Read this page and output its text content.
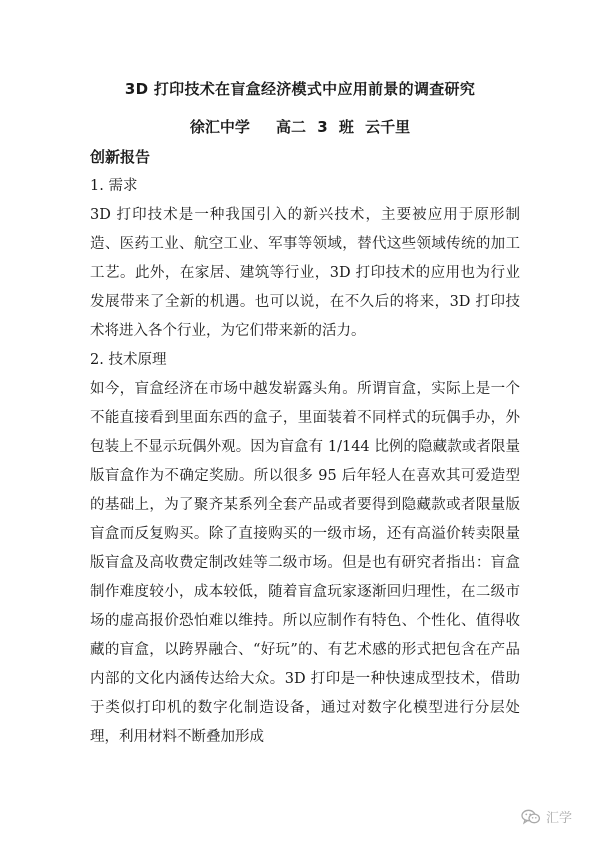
3D 打印技术在盲盒经济模式中应用前景的调查研究
徐汇中学 　高二 3 班 云千里
创新报告
1. 需求

3D 打印技术是一种我国引入的新兴技术，主要被应用于原形制造、医药工业、航空工业、军事等领域，替代这些领域传统的加工工艺。此外，在家居、建筑等行业，3D 打印技术的应用也为行业发展带来了全新的机遇。也可以说，在不久后的将来，3D 打印技术将进入各个行业，为它们带来新的活力。

2. 技术原理

如今，盲盒经济在市场中越发崭露头角。所谓盲盒，实际上是一个不能直接看到里面东西的盒子，里面装着不同样式的玩偶手办，外包装上不显示玩偶外观。因为盲盒有 1/144 比例的隐藏款或者限量版盲盒作为不确定奖励。所以很多 95 后年轻人在喜欢其可爱造型的基础上，为了聚齐某系列全套产品或者要得到隐藏款或者限量版盲盒而反复购买。除了直接购买的一级市场，还有高溢价转卖限量版盲盒及高收费定制改娃等二级市场。但是也有研究者指出：盲盒制作难度较小，成本较低，随着盲盒玩家逐渐回归理性，在二级市场的虚高报价恐怕难以维持。所以应制作有特色、个性化、值得收藏的盲盒，以跨界融合、“好玩”的、有艺术感的形式把包含在产品内部的文化内涵传达给大众。3D 打印是一种快速成型技术，借助于类似打印机的数字化制造设备，通过对数字化模型进行分层处理，利用材料不断叠加形成

汇学
